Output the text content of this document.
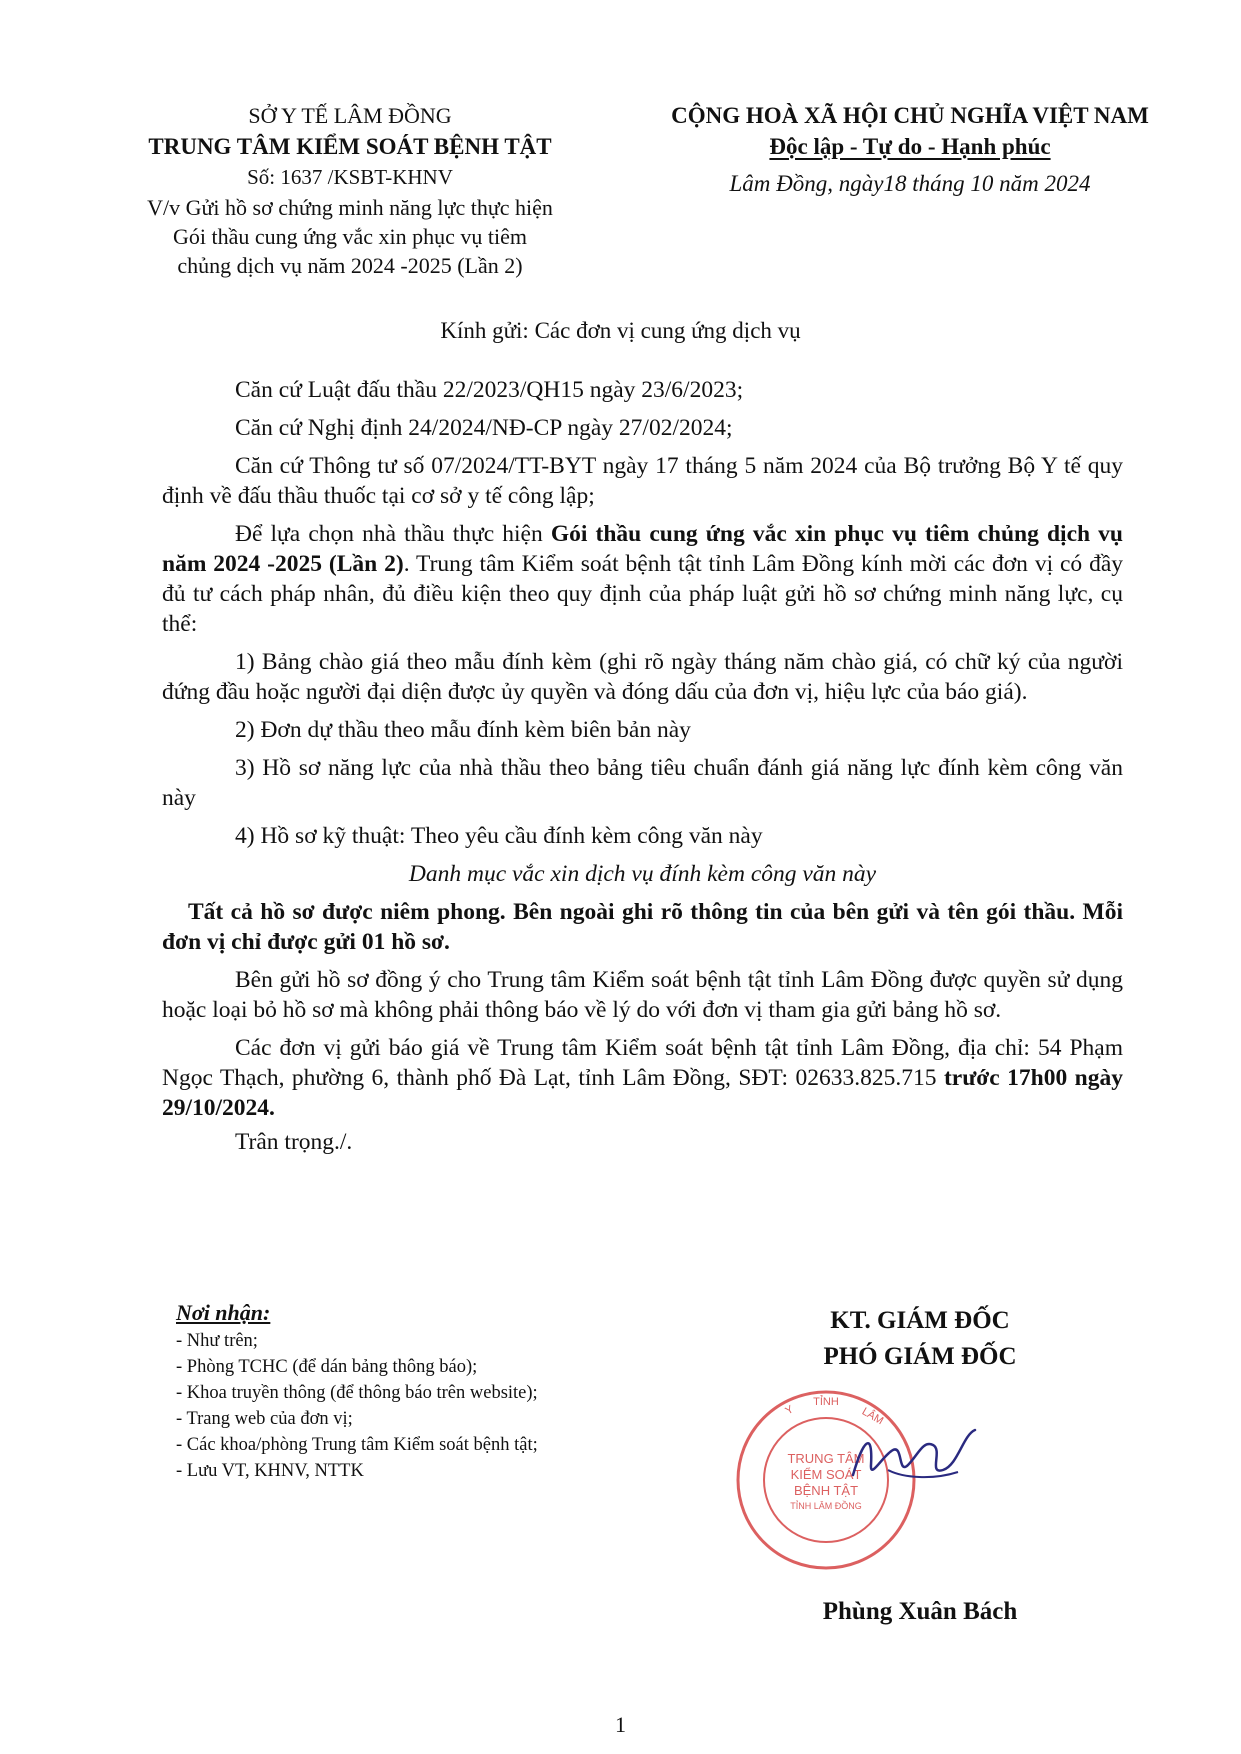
SỞ Y TẾ LÂM ĐỒNG
TRUNG TÂM KIỂM SOÁT BỆNH TẬT
Số: 1637 /KSBT-KHNV
V/v Gửi hồ sơ chứng minh năng lực thực hiện
Gói thầu cung ứng vắc xin phục vụ tiêm
chủng dịch vụ năm 2024 -2025 (Lần 2)
CỘNG HOÀ XÃ HỘI CHỦ NGHĨA VIỆT NAM
Độc lập - Tự do - Hạnh phúc
Lâm Đồng, ngày18 tháng 10 năm 2024
Kính gửi: Các đơn vị cung ứng dịch vụ

Căn cứ Luật đấu thầu 22/2023/QH15 ngày 23/6/2023;

Căn cứ Nghị định 24/2024/NĐ-CP ngày 27/02/2024;

Căn cứ Thông tư số 07/2024/TT-BYT ngày 17 tháng 5 năm 2024 của Bộ trưởng Bộ Y tế quy định về đấu thầu thuốc tại cơ sở y tế công lập;

Để lựa chọn nhà thầu thực hiện Gói thầu cung ứng vắc xin phục vụ tiêm chủng dịch vụ năm 2024 -2025 (Lần 2). Trung tâm Kiểm soát bệnh tật tỉnh Lâm Đồng kính mời các đơn vị có đầy đủ tư cách pháp nhân, đủ điều kiện theo quy định của pháp luật gửi hồ sơ chứng minh năng lực, cụ thể:

1) Bảng chào giá theo mẫu đính kèm (ghi rõ ngày tháng năm chào giá, có chữ ký của người đứng đầu hoặc người đại diện được ủy quyền và đóng dấu của đơn vị, hiệu lực của báo giá).

2) Đơn dự thầu theo mẫu đính kèm biên bản này

3) Hồ sơ năng lực của nhà thầu theo bảng tiêu chuẩn đánh giá năng lực đính kèm công văn này

4) Hồ sơ kỹ thuật: Theo yêu cầu đính kèm công văn này

Danh mục vắc xin dịch vụ đính kèm công văn này

Tất cả hồ sơ được niêm phong. Bên ngoài ghi rõ thông tin của bên gửi và tên gói thầu. Mỗi đơn vị chỉ được gửi 01 hồ sơ.

Bên gửi hồ sơ đồng ý cho Trung tâm Kiểm soát bệnh tật tỉnh Lâm Đồng được quyền sử dụng hoặc loại bỏ hồ sơ mà không phải thông báo về lý do với đơn vị tham gia gửi bảng hồ sơ.

Các đơn vị gửi báo giá về Trung tâm Kiểm soát bệnh tật tỉnh Lâm Đồng, địa chỉ: 54 Phạm Ngọc Thạch, phường 6, thành phố Đà Lạt, tỉnh Lâm Đồng, SĐT: 02633.825.715 trước 17h00 ngày 29/10/2024.

Trân trọng./.

Nơi nhận:
- Như trên;
- Phòng TCHC (để dán bảng thông báo);
- Khoa truyền thông (để thông báo trên website);
- Trang web của đơn vị;
- Các khoa/phòng Trung tâm Kiểm soát bệnh tật;
- Lưu VT, KHNV, NTTK
KT. GIÁM ĐỐC
PHÓ GIÁM ĐỐC
TRUNG TÂM
KIỂM SOÁT
BỆNH TẬT
TỈNH LÂM ĐỒNG
Y
TỈNH
LÂM
Phùng Xuân Bách
1
